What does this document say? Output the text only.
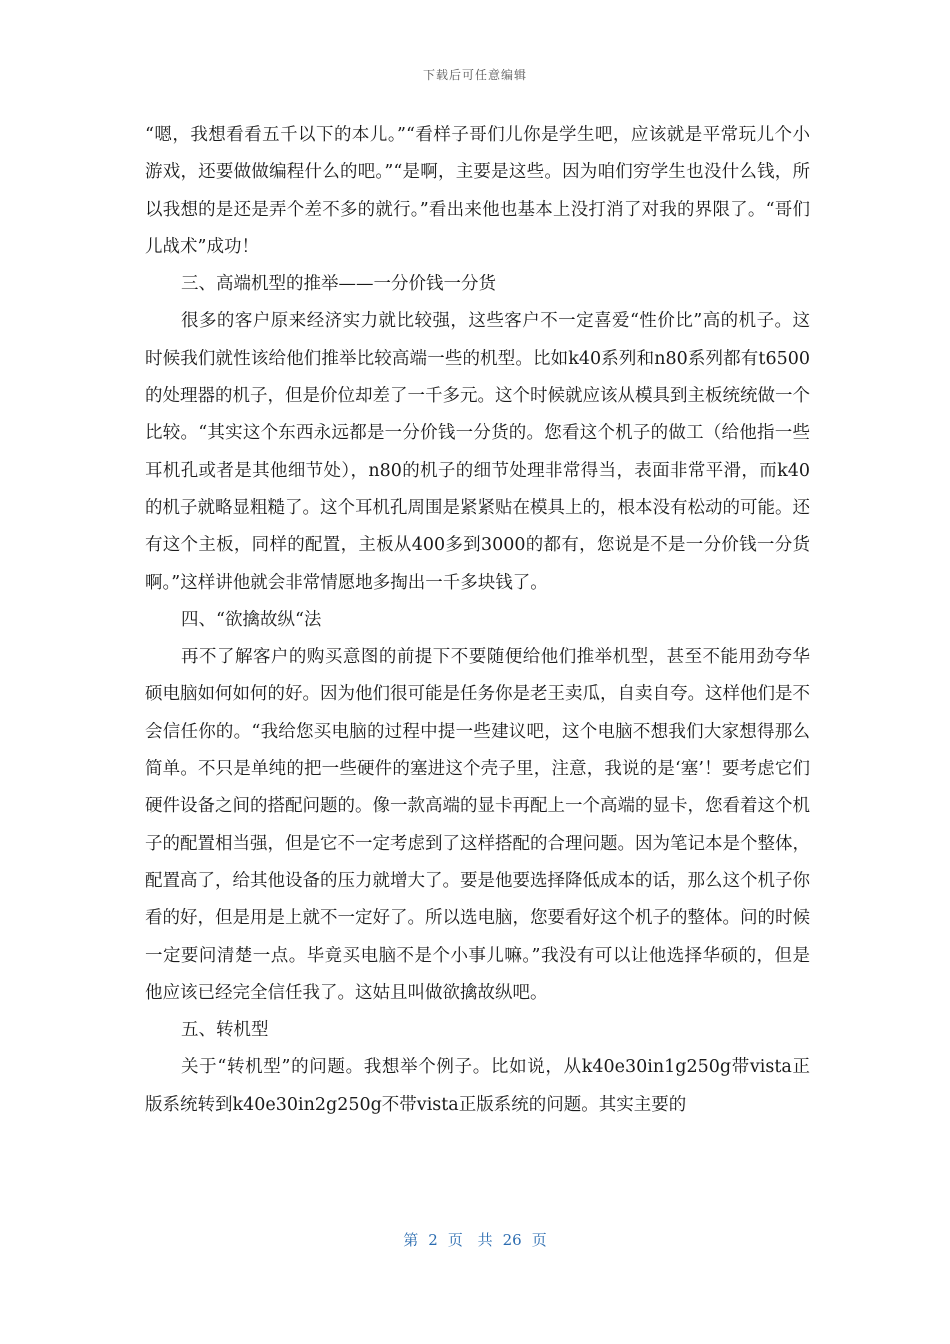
下载后可任意编辑

“嗯，我想看看五千以下的本儿。”“看样子哥们儿你是学生吧，应该就是平常玩儿个小游戏，还要做做编程什么的吧。”“是啊，主要是这些。因为咱们穷学生也没什么钱，所以我想的是还是弄个差不多的就行。”看出来他也基本上没打消了对我的界限了。“哥们儿战术”成功！

三、高端机型的推举——一分价钱一分货

很多的客户原来经济实力就比较强，这些客户不一定喜爱“性价比”高的机子。这时候我们就性该给他们推举比较高端一些的机型。比如k40系列和n80系列都有t6500的处理器的机子，但是价位却差了一千多元。这个时候就应该从模具到主板统统做一个比较。“其实这个东西永远都是一分价钱一分货的。您看这个机子的做工（给他指一些耳机孔或者是其他细节处），n80的机子的细节处理非常得当，表面非常平滑，而k40的机子就略显粗糙了。这个耳机孔周围是紧紧贴在模具上的，根本没有松动的可能。还有这个主板，同样的配置，主板从400多到3000的都有，您说是不是一分价钱一分货啊。”这样讲他就会非常情愿地多掏出一千多块钱了。

四、“欲擒故纵“法

再不了解客户的购买意图的前提下不要随便给他们推举机型，甚至不能用劲夸华硕电脑如何如何的好。因为他们很可能是任务你是老王卖瓜，自卖自夸。这样他们是不会信任你的。“我给您买电脑的过程中提一些建议吧，这个电脑不想我们大家想得那么简单。不只是单纯的把一些硬件的塞进这个壳子里，注意，我说的是‘塞’！要考虑它们硬件设备之间的搭配问题的。像一款高端的显卡再配上一个高端的显卡，您看着这个机子的配置相当强，但是它不一定考虑到了这样搭配的合理问题。因为笔记本是个整体，配置高了，给其他设备的压力就增大了。要是他要选择降低成本的话，那么这个机子你看的好，但是用是上就不一定好了。所以选电脑，您要看好这个机子的整体。问的时候一定要问清楚一点。毕竟买电脑不是个小事儿嘛。”我没有可以让他选择华硕的，但是他应该已经完全信任我了。这姑且叫做欲擒故纵吧。

五、转机型

关于“转机型”的问题。我想举个例子。比如说，从k40e30in1g250g带vista正版系统转到k40e30in2g250g不带vista正版系统的问题。其实主要的

第 2 页 共 26 页
